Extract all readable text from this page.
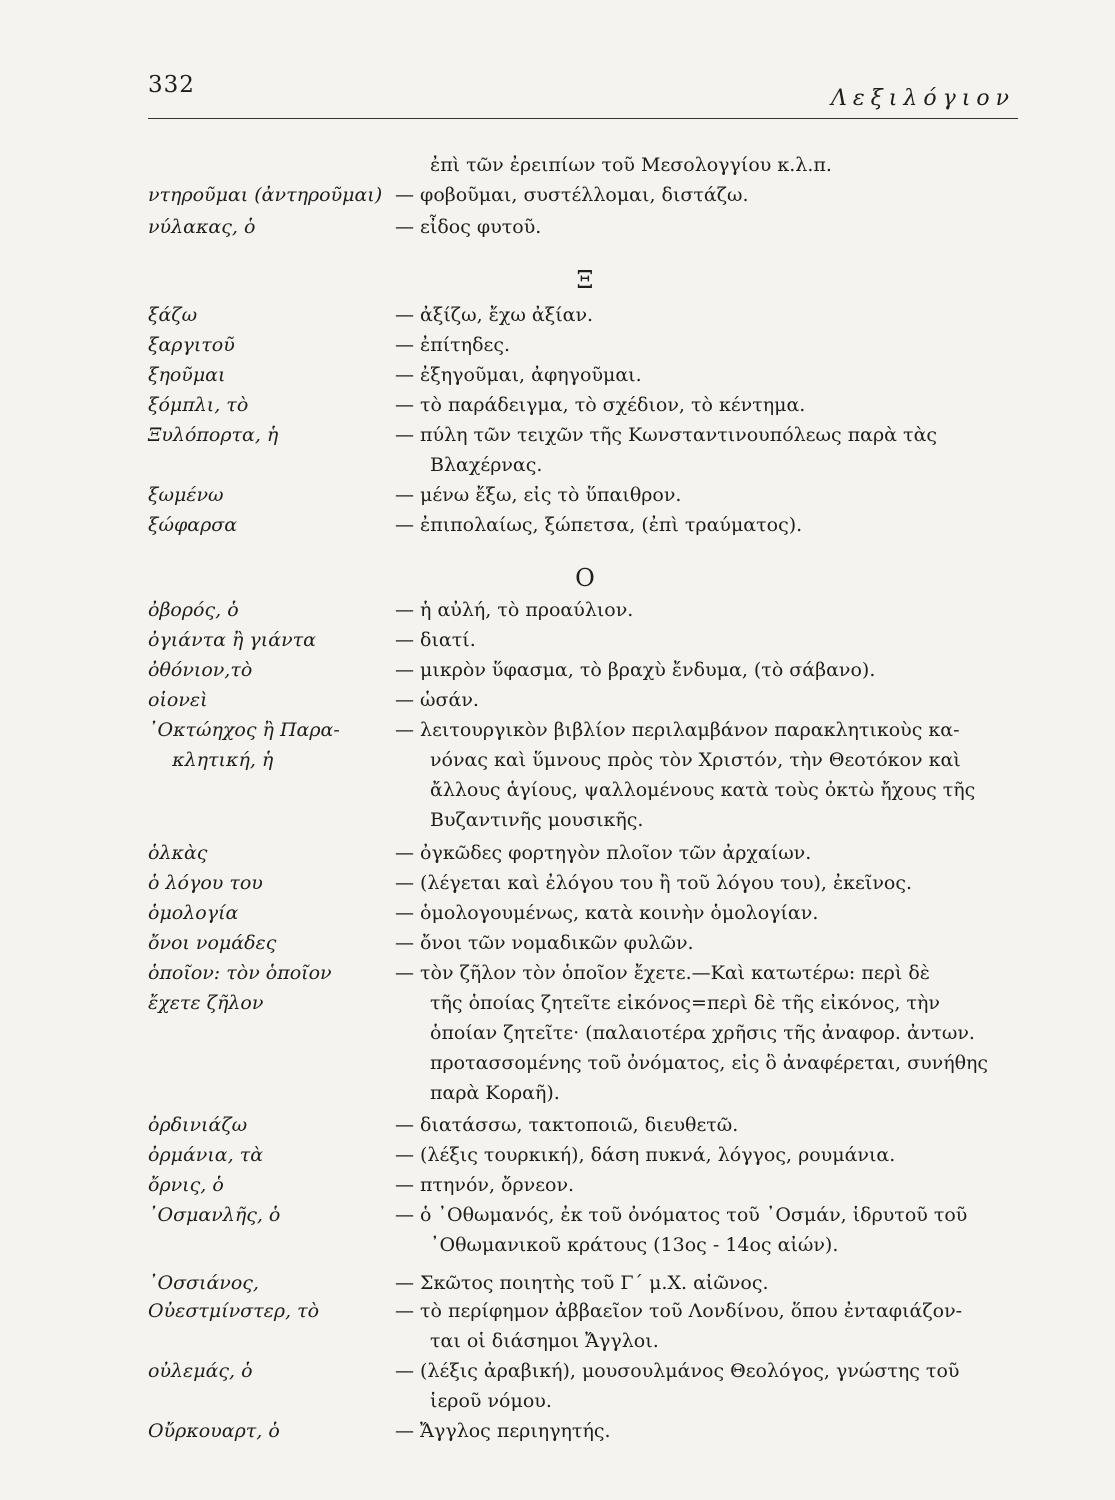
332
Λεξιλόγιον
ἐπὶ τῶν ἐρειπίων τοῦ Μεσολογγίου κ.λ.π.
ντηροῦμαι (ἀντηροῦμαι) — φοβοῦμαι, συστέλλομαι, διστάζω.
νύλακας, ὁ	— εἶδος φυτοῦ.
Ξ
ξάζω	— ἀξίζω, ἔχω ἀξίαν.
ξαργιτοῦ	— ἐπίτηδες.
ξηοῦμαι	— ἐξηγοῦμαι, ἀφηγοῦμαι.
ξόμπλι, τὸ	— τὸ παράδειγμα, τὸ σχέδιον, τὸ κέντημα.
Ξυλόπορτα, ἡ	— πύλη τῶν τειχῶν τῆς Κωνσταντινουπόλεως παρὰ τὰς
Βλαχέρνας.
ξωμένω	— μένω ἔξω, εἰς τὸ ὕπαιθρον.
ξώφαρσα	— ἐπιπολαίως, ξώπετσα, (ἐπὶ τραύματος).
Ο
ὀβορός, ὁ	— ἡ αὐλή, τὸ προαύλιον.
ὀγιάντα ἢ γιάντα	— διατί.
ὀθόνιον,τὸ	— μικρὸν ὕφασμα, τὸ βραχὺ ἔνδυμα, (τὸ σάβανο).
οἱονεὶ	— ὡσάν.
᾿Οκτώηχος ἢ Παρα-	— λειτουργικὸν βιβλίον περιλαμβάνον παρακλητικοὺς κα-
κλητική, ἡ	νόνας καὶ ὕμνους πρὸς τὸν Χριστόν, τὴν Θεοτόκον καὶ
ἄλλους ἁγίους, ψαλλομένους κατὰ τοὺς ὀκτὼ ἤχους τῆς
Βυζαντινῆς μουσικῆς.
ὁλκὰς	— ὀγκῶδες φορτηγὸν πλοῖον τῶν ἀρχαίων.
ὁ λόγου του	— (λέγεται καὶ ἐλόγου του ἢ τοῦ λόγου του), ἐκεῖνος.
ὁμολογία	— ὁμολογουμένως, κατὰ κοινὴν ὁμολογίαν.
ὄνοι νομάδες	— ὄνοι τῶν νομαδικῶν φυλῶν.
ὁποῖον: τὸν ὁποῖον	— τὸν ζῆλον τὸν ὁποῖον ἔχετε.—Καὶ κατωτέρω: περὶ δὲ
ἔχετε ζῆλον	τῆς ὁποίας ζητεῖτε εἰκόνος=περὶ δὲ τῆς εἰκόνος, τὴν
ὁποίαν ζητεῖτε· (παλαιοτέρα χρῆσις τῆς ἀναφορ. ἀντων.
προτασσομένης τοῦ ὀνόματος, εἰς ὃ ἀναφέρεται, συνήθης
παρὰ Κοραῆ).
ὀρδινιάζω	— διατάσσω, τακτοποιῶ, διευθετῶ.
ὀρμάνια, τὰ	— (λέξις τουρκική), δάση πυκνά, λόγγος, ρουμάνια.
ὄρνις, ὁ	— πτηνόν, ὄρνεον.
᾿Οσμανλῆς, ὁ	— ὁ ᾿Οθωμανός, ἐκ τοῦ ὀνόματος τοῦ ᾿Οσμάν, ἱδρυτοῦ τοῦ
᾿Οθωμανικοῦ κράτους (13ος - 14ος αἰών).
᾿Οσσιάνος,	— Σκῶτος ποιητὴς τοῦ Γ΄ μ.Χ. αἰῶνος.
Οὐεστμίνστερ, τὸ	— τὸ περίφημον ἀββαεῖον τοῦ Λονδίνου, ὅπου ἐνταφιάζον-
ται οἱ διάσημοι Ἄγγλοι.
οὐλεμάς, ὁ	— (λέξις ἀραβική), μουσουλμάνος Θεολόγος, γνώστης τοῦ
ἱεροῦ νόμου.
Οὔρκουαρτ, ὁ	— Ἄγγλος περιηγητής.
